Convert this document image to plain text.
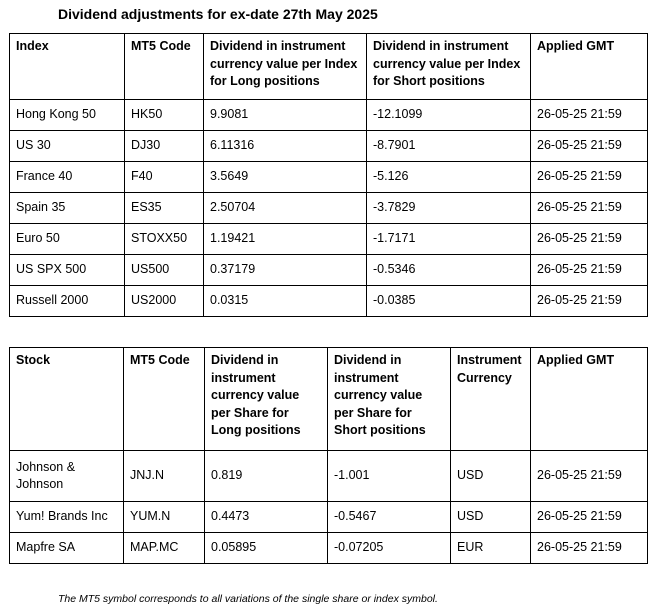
Dividend adjustments for ex-date 27th May 2025
Index	MT5 Code	Dividend in instrument currency value per Index for Long positions	Dividend in instrument currency value per Index for Short positions	Applied GMT
Hong Kong 50	HK50	9.9081	-12.1099	26-05-25 21:59
US 30	DJ30	6.11316	-8.7901	26-05-25 21:59
France 40	F40	3.5649	-5.126	26-05-25 21:59
Spain 35	ES35	2.50704	-3.7829	26-05-25 21:59
Euro 50	STOXX50	1.19421	-1.7171	26-05-25 21:59
US SPX 500	US500	0.37179	-0.5346	26-05-25 21:59
Russell 2000	US2000	0.0315	-0.0385	26-05-25 21:59
Stock	MT5 Code	Dividend in instrument currency value per Share for Long positions	Dividend in instrument currency value per Share for Short positions	Instrument Currency	Applied GMT
Johnson & Johnson	JNJ.N	0.819	-1.001	USD	26-05-25 21:59
Yum! Brands Inc	YUM.N	0.4473	-0.5467	USD	26-05-25 21:59
Mapfre SA	MAP.MC	0.05895	-0.07205	EUR	26-05-25 21:59
The MT5 symbol corresponds to all variations of the single share or index symbol.
